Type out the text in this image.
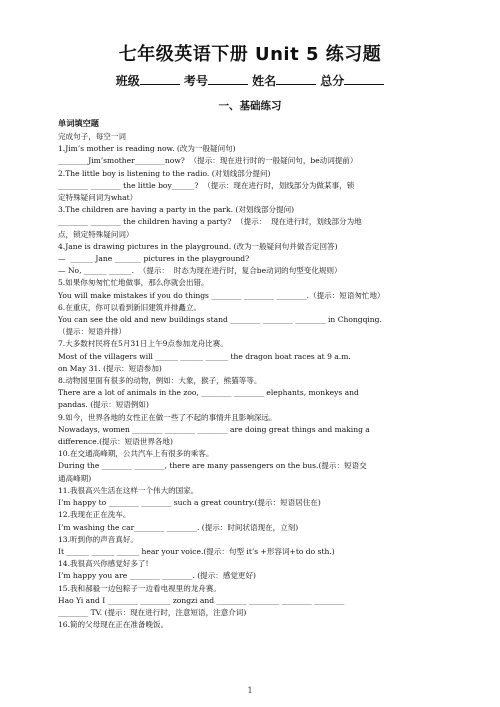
七年级英语下册 Unit 5 练习题
班级	考号	姓名	总分
一、基础练习
单词填空题
完成句子，每空一词
1.Jim’s mother is reading now. (改为一般疑问句)
________Jim’smother________now?  （提示：现在进行时的一般疑问句，be动词提前）
2.The little boy is listening to the radio. (对划线部分提问)
________ ________ the little boy______?  （提示：现在进行时，划线部分为做某事，锁
定特殊疑问词为what）
3.The children are having a party in the park. (对划线部分提问)
________ ________ the children having a party?  （提示：  现在进行时，划线部分为地
点，锁定特殊疑问词）
4.Jane is drawing pictures in the playground. (改为一般疑问句并做否定回答)
—  ______ Jane _______ pictures in the playground?
— No, ______ ______.  （提示：  时态为现在进行时，复合be动词的句型变化规则）
5.如果你匆匆忙忙地做事，那么你就会出错。
You will make mistakes if you do things ________ ________ ________.（提示：短语匆忙地）
6.在重庆，你可以看到新旧建筑并排矗立。
You can see the old and new buildings stand ________ ________ ________ in Chongqing.
（提示：短语并排）
7.大多数村民将在5月31日上午9点参加龙舟比赛。
Most of the villagers will ______ ______ ______ the dragon boat races at 9 a.m.
on May 31. (提示：短语参加)
8.动物园里面有很多的动物，例如：大象，猴子，熊猫等等。
There are a lot of animals in the zoo, ________ ________ elephants, monkeys and
pandas. (提示：短语例如)
9.如今，世界各地的女性正在做一些了不起的事情并且影响深远。
Nowadays, women ________ ________ ________ are doing great things and making a
difference.(提示：短语世界各地)
10.在交通高峰期，公共汽车上有很多的乘客。
During the ________ ________, there are many passengers on the bus.(提示：短语交
通高峰期)
11.我很高兴生活在这样一个伟大的国家。
I’m happy to ________ ________ such a great country.(提示：短语居住在)
12.我现在正在洗车。
I’m washing the car________ ________. (提示：时间状语现在，立刻)
13.听到你的声音真好。
It ______ ______ ______ hear your voice.(提示：句型 it’s +形容词+to do sth.)
14.我很高兴你感觉好多了!
I’m happy you are ________ ________. (提示：感觉更好)
15.我和郝毅一边包粽子一边看电视里的龙舟赛。
Hao Yi and I ________ ________ zongzi and ________ ________ ________ ________
________ TV. (提示：现在进行时，注意短语，注意介词)
16.简的父母现在正在准备晚饭。
1
